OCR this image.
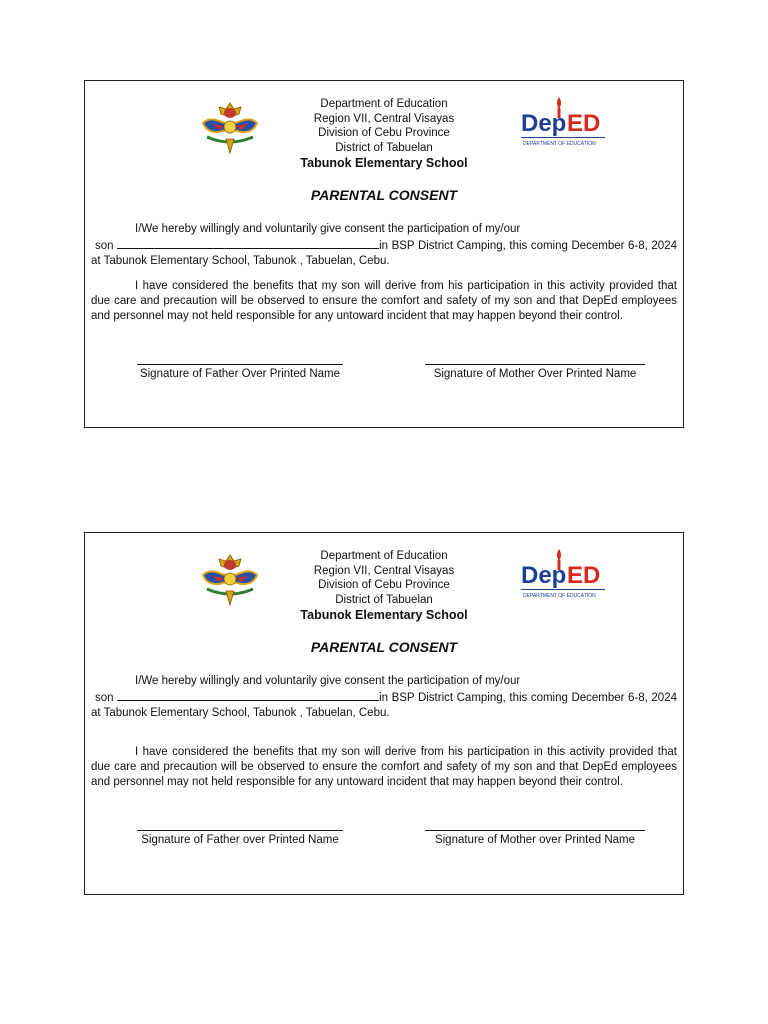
Dep ED
DEPARTMENT OF EDUCATION
Department of Education
Region VII, Central Visayas
Division of Cebu Province
District of Tabuelan
Tabunok Elementary School
PARENTAL CONSENT
I/We hereby willingly and voluntarily give consent the participation of my/our
son	in BSP District Camping, this coming December 6-8, 2024 at Tabunok Elementary School, Tabunok , Tabuelan, Cebu.
I have considered the benefits that my son will derive from his participation in this activity provided that due care and precaution will be observed to ensure the comfort and safety of my son and that DepEd employees and personnel may not held responsible for any untoward incident that may happen beyond their control.
Signature of Father Over Printed Name	Signature of Mother Over Printed Name
Dep ED
DEPARTMENT OF EDUCATION
Department of Education
Region VII, Central Visayas
Division of Cebu Province
District of Tabuelan
Tabunok Elementary School
PARENTAL CONSENT
I/We hereby willingly and voluntarily give consent the participation of my/our
son	in BSP District Camping, this coming December 6-8, 2024 at Tabunok Elementary School, Tabunok , Tabuelan, Cebu.
I have considered the benefits that my son will derive from his participation in this activity provided that due care and precaution will be observed to ensure the comfort and safety of my son and that DepEd employees and personnel may not held responsible for any untoward incident that may happen beyond their control.
Signature of Father over Printed Name	Signature of Mother over Printed Name
